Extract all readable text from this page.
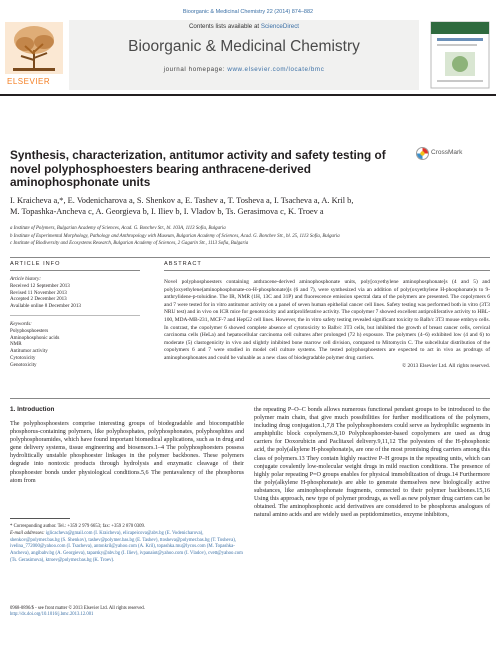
Bioorganic & Medicinal Chemistry 22 (2014) 874–882
ELSEVIER
Contents lists available at ScienceDirect
Bioorganic & Medicinal Chemistry
journal homepage: www.elsevier.com/locate/bmc
Synthesis, characterization, antitumor activity and safety testing of novel polyphosphoesters bearing anthracene-derived aminophosphonate units
CrossMark
I. Kraicheva a,*, E. Vodenicharova a, S. Shenkov a, E. Tashev a, T. Tosheva a, I. Tsacheva a, A. Kril b,
M. Topashka-Ancheva c, A. Georgieva b, I. Iliev b, I. Vladov b, Ts. Gerasimova c, K. Troev a
a Institute of Polymers, Bulgarian Academy of Sciences, Acad. G. Bonchev Str., bl. 103A, 1113 Sofia, Bulgaria
b Institute of Experimental Morphology, Pathology and Anthropology with Museum, Bulgarian Academy of Sciences, Acad. G. Bonchev Str., bl. 25, 1113 Sofia, Bulgaria
c Institute of Biodiversity and Ecosystems Research, Bulgarian Academy of Sciences, 2 Gagarin Str., 1113 Sofia, Bulgaria
ARTICLE INFO	ABSTRACT
Article history:
Received 12 September 2013
Revised 11 November 2013
Accepted 2 December 2013
Available online 8 December 2013
Keywords:
Polyphosphoesters
Aminophosphonic acids
NMR
Antitumor activity
Cytotoxicity
Genotoxicity
Novel polyphosphoesters containing anthracene-derived aminophosphonate units, poly[oxyethylene aminophosphonate]s (4 and 5) and poly[oxyethylene(aminophosphonate-co-H-phosphonate)]s (6 and 7), were synthesized via an addition of poly(oxyethylene H-phosphonate)s to 9-anthrylidene-p-toluidine. The IR, NMR (1H, 13C and 31P) and fluorescence emission spectral data of the polymers are presented. The copolymers 6 and 7 were tested for in vitro antitumor activity on a panel of seven human epithelial cancer cell lines. Safety testing was performed both in vitro (3T3 NRU test) and in vivo on ICR mice for genotoxicity and antiproliferative activity. The copolymer 7 showed excellent antiproliferative activity to HBL-100, MDA-MB-231, MCF-7 and HepG2 cell lines. However, the in vitro safety testing revealed significant toxicity to Balb/c 3T3 mouse embryo cells. In contrast, the copolymer 6 showed complete absence of cytotoxicity to Balb/c 3T3 cells, but inhibited the growth of breast cancer cells, cervical carcinoma cells (HeLa) and hepatocellular carcinoma cell cultures after prolonged (72 h) exposure. The polymers (4–6) exhibited low (4 and 6) to moderate (5) clastogenicity in vivo and slightly inhibited bone marrow cell division, compared to Mitomycin C. The subcellular distribution of the copolymers 6 and 7 were studied in model cell culture systems. The tested polyphosphoesters are expected to act in vivo as prodrugs of aminophosphonates and could be valuable as a new class of biodegradable polymer drug carriers.
© 2013 Elsevier Ltd. All rights reserved.
1. Introduction
The polyphosphoesters comprise interesting groups of biodegradable and biocompatible phosphorus-containing polymers, like polyphosphates, polyphosphonates, polyphosphites and polyphosphoramides, which have found important biomedical applications, such as in drug and gene delivery systems, tissue engineering and biosensors.1–4 The polyphosphoesters possess hydrolitically unstable phosphoester linkages in the polymer backbones. These polymers degrade into nontoxic products through hydrolysis and enzymatic cleavage of their phosphoester bonds under physiological conditions.5,6 The pentavalency of the phosphorus atom from
the repeating P–O–C bonds allows numerous functional pendant groups to be introduced to the polymer main chain, that give much possibilities for further modifications of the polymers, including drug conjugation.1,7,8 The polyphosphoesters could serve as hydrophilic segments in amphiphilic block copolymers.9,10 Polyphosphoester-based copolymers are used as drug carriers for Doxorubicin and Paclitaxel delivery.9,11,12 The polyesters of the H-phosphonic acid, the poly(alkylene H-phosphonate)s, are one of the most promising drug carriers among this class of polymers.13 They contain highly reactive P–H groups in the repeating units, which can conjugate covalently low-molecular weight drugs in mild reaction conditions. The presence of highly polar repeating P=O groups enables for physical immobilization of drugs.14 Furthermore the poly(alkylene H-phosphonate)s are able to generate themselves new biologically active substances, like aminophosphonate fragments, connected to their polymer backbones.15,16 Using this approach, new type of polymer prodrugs, as well as new polymer drug carriers can be obtained. The aminophosphonic acid derivatives are considered to be phosphorus analogues of natural amino acids and are widely used as peptidomimetics, enzyme inhibitors,
* Corresponding author. Tel.: +359 2 979 6653; fax: +359 2 870 0309.
E-mail addresses: iglicacheva@gmail.com (I. Kraicheva), elicapeicova@abv.bg (E. Vodenicharova), shenkov@polymer.bas.bg (S. Shenkov), tashev@polymer.bas.bg (E. Tashev), ttosheva@polymer.bas.bg (T. Tosheva), ivelina_772000@yahoo.com (I. Tsacheva), antonkril@yahoo.com (A. Kril), topashka.mu@lycos.com (M. Topashka-Ancheva), angibabv.bg (A. Georgieva), taparsky@abv.bg (I. Iliev), ivpanaiot@yahoo.com (I. Vladov), cvett@yahoo.com (Ts. Gerasimova), ktroev@polymer.bas.bg (K. Troev).
0968-0896/$ - see front matter © 2013 Elsevier Ltd. All rights reserved.
http://dx.doi.org/10.1016/j.bmc.2013.12.001
